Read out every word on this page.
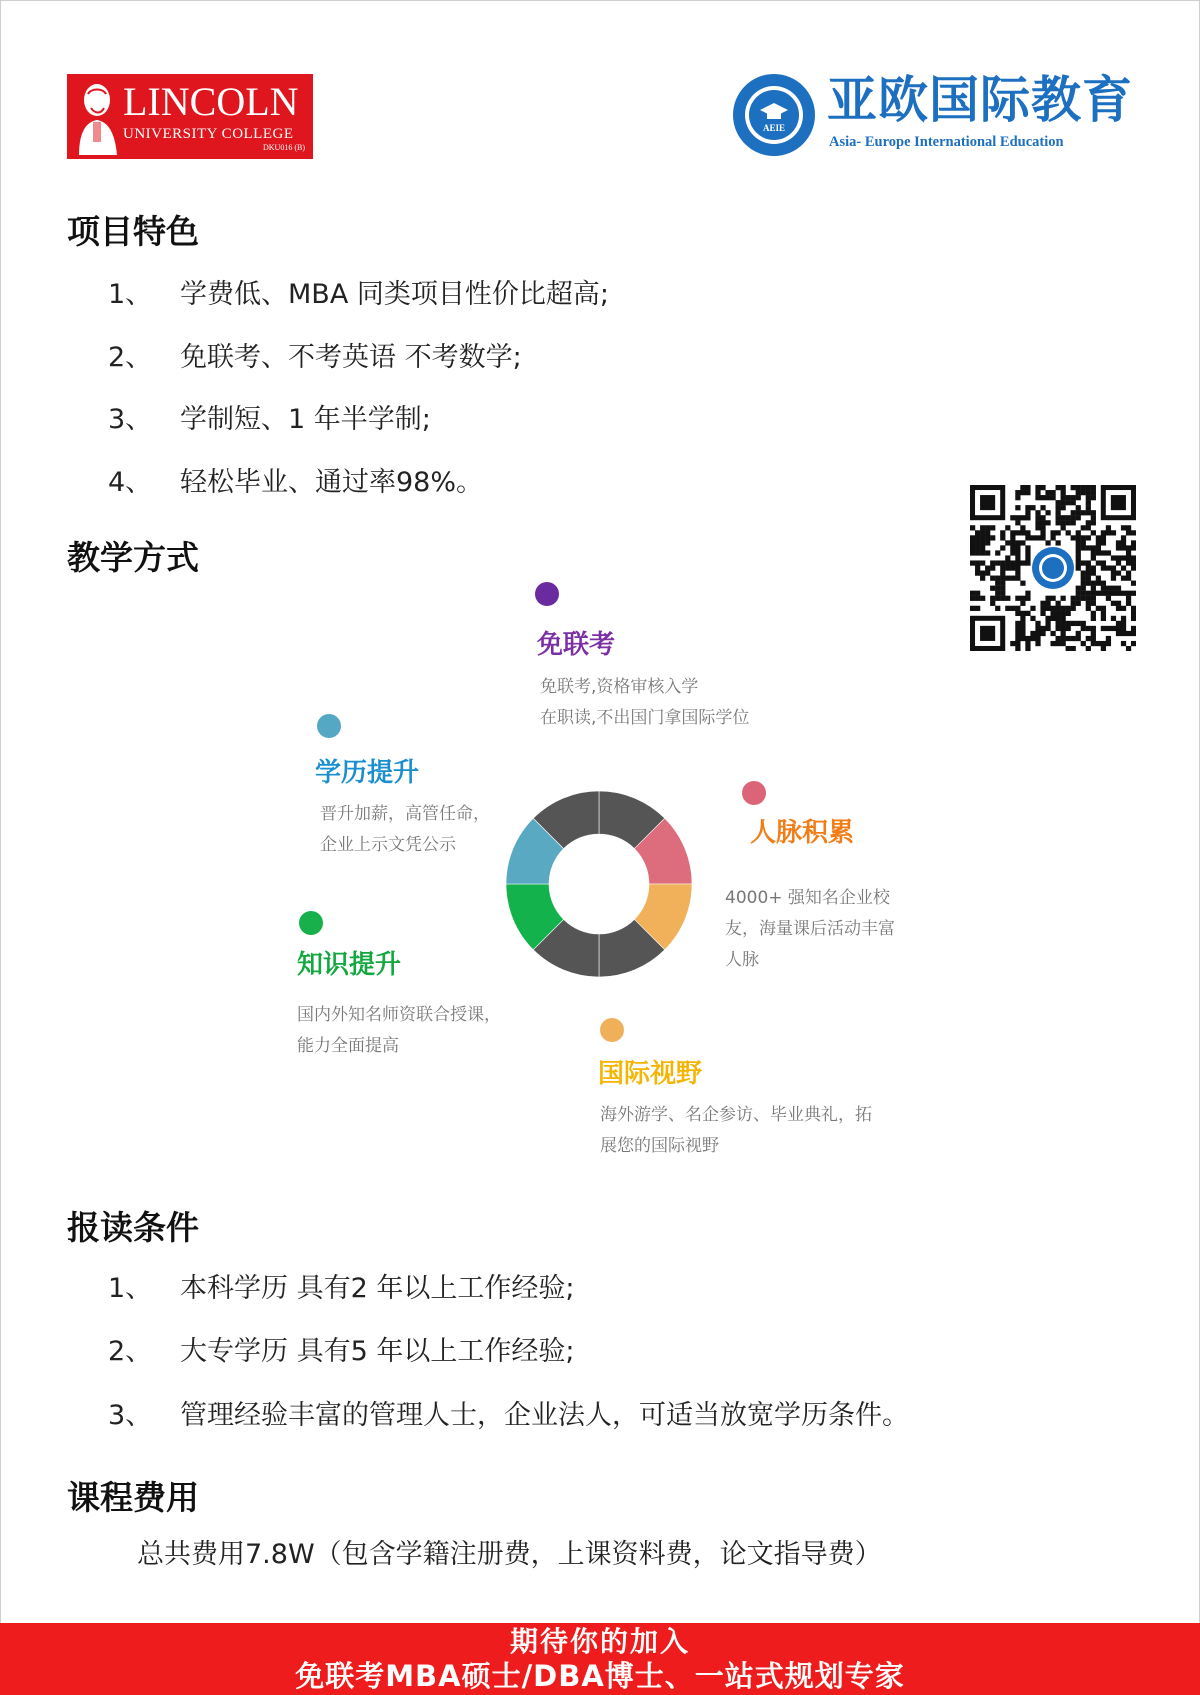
LINCOLN
UNIVERSITY COLLEGE
DKU016 (B)
AEIE 亚欧国际教育
Asia- Europe International Education
项目特色
1、 学费低、MBA 同类项目性价比超高;
2、 免联考、不考英语 不考数学;
3、 学制短、1 年半学制;
4、 轻松毕业、通过率98%。
教学方式
免联考
免联考,资格审核入学
在职读,不出国门拿国际学位
学历提升
晋升加薪，高管任命，
企业上示文凭公示	人脉积累
4000+ 强知名企业校
友，海量课后活动丰富
人脉
知识提升
国内外知名师资联合授课，
能力全面提高
国际视野
海外游学、名企参访、毕业典礼，拓
展您的国际视野
报读条件
1、 本科学历 具有2 年以上工作经验;
2、 大专学历 具有5 年以上工作经验;
3、 管理经验丰富的管理人士，企业法人，可适当放宽学历条件。
课程费用
总共费用7.8W（包含学籍注册费，上课资料费，论文指导费）
期待你的加入
免联考MBA硕士/DBA博士、一站式规划专家
